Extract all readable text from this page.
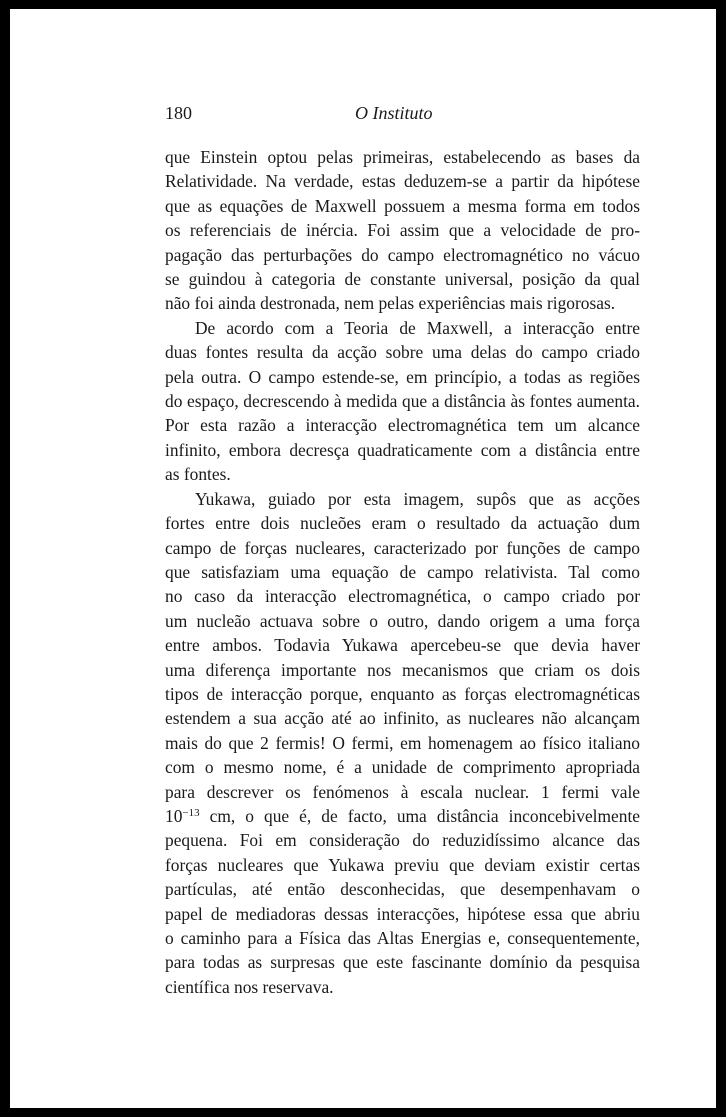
180	O Instituto
que Einstein optou pelas primeiras, estabelecendo as bases da
Relatividade. Na verdade, estas deduzem-se a partir da hipótese
que as equações de Maxwell possuem a mesma forma em todos
os referenciais de inércia. Foi assim que a velocidade de pro-
pagação das perturbações do campo electromagnético no vácuo
se guindou à categoria de constante universal, posição da qual
não foi ainda destronada, nem pelas experiências mais rigorosas.
De acordo com a Teoria de Maxwell, a interacção entre
duas fontes resulta da acção sobre uma delas do campo criado
pela outra. O campo estende-se, em princípio, a todas as regiões
do espaço, decrescendo à medida que a distância às fontes aumenta.
Por esta razão a interacção electromagnética tem um alcance
infinito, embora decresça quadraticamente com a distância entre
as fontes.
Yukawa, guiado por esta imagem, supôs que as acções
fortes entre dois nucleões eram o resultado da actuação dum
campo de forças nucleares, caracterizado por funções de campo
que satisfaziam uma equação de campo relativista. Tal como
no caso da interacção electromagnética, o campo criado por
um nucleão actuava sobre o outro, dando origem a uma força
entre ambos. Todavia Yukawa apercebeu-se que devia haver
uma diferença importante nos mecanismos que criam os dois
tipos de interacção porque, enquanto as forças electromagnéticas
estendem a sua acção até ao infinito, as nucleares não alcançam
mais do que 2 fermis! O fermi, em homenagem ao físico italiano
com o mesmo nome, é a unidade de comprimento apropriada
para descrever os fenómenos à escala nuclear. 1 fermi vale
$10^{-13}$ cm, o que é, de facto, uma distância inconcebivelmente
pequena. Foi em consideração do reduzidíssimo alcance das
forças nucleares que Yukawa previu que deviam existir certas
partículas, até então desconhecidas, que desempenhavam o
papel de mediadoras dessas interacções, hipótese essa que abriu
o caminho para a Física das Altas Energias e, consequentemente,
para todas as surpresas que este fascinante domínio da pesquisa
científica nos reservava.
